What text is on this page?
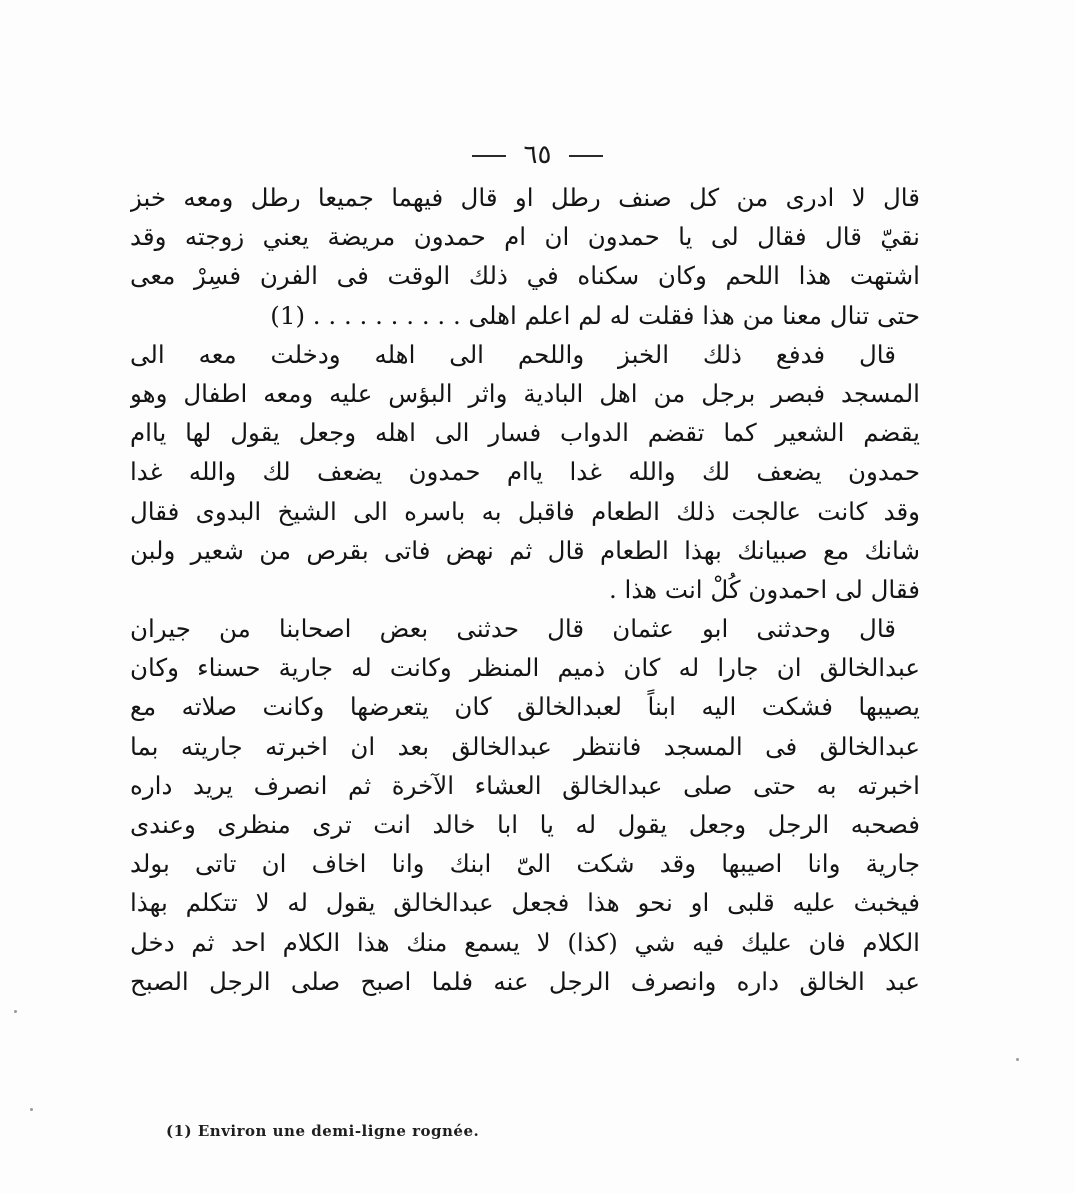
٦٥
قال لا ادرى من كل صنف رطل او قال فيهما جميعا رطل ومعه خبز
نقيّ قال فقال لى يا حمدون ان ام حمدون مريضة يعني زوجته وقد
اشتهت هذا اللحم وكان سكناه في ذلك الوقت فى الفرن فسِرْ معى
حتى تنال معنا من هذا فقلت له لم اعلم اهلى . . . . . . . . . . (1)
قال فدفع ذلك الخبز واللحم الى اهله ودخلت معه الى
المسجد فبصر برجل من اهل البادية واثر البؤس عليه ومعه اطفال وهو
يقضم الشعير كما تقضم الدواب فسار الى اهله وجعل يقول لها ياام
حمدون يضعف لك والله غدا ياام حمدون يضعف لك والله غدا
وقد كانت عالجت ذلك الطعام فاقبل به باسره الى الشيخ البدوى فقال
شانك مع صبيانك بهذا الطعام قال ثم نهض فاتى بقرص من شعير ولبن
فقال لى احمدون كُلْ انت هذا .
قال وحدثنى ابو عثمان قال حدثنى بعض اصحابنا من جيران
عبدالخالق ان جارا له كان ذميم المنظر وكانت له جارية حسناء وكان
يصيبها فشكت اليه ابناً لعبدالخالق كان يتعرضها وكانت صلاته مع
عبدالخالق فى المسجد فانتظر عبدالخالق بعد ان اخبرته جاريته بما
اخبرته به حتى صلى عبدالخالق العشاء الآخرة ثم انصرف يريد داره
فصحبه الرجل وجعل يقول له يا ابا خالد انت ترى منظرى وعندى
جارية وانا اصيبها وقد شكت الىّ ابنك وانا اخاف ان تاتى بولد
فيخبث عليه قلبى او نحو هذا فجعل عبدالخالق يقول له لا تتكلم بهذا
الكلام فان عليك فيه شي (كذا) لا يسمع منك هذا الكلام احد ثم دخل
عبد الخالق داره وانصرف الرجل عنه فلما اصبح صلى الرجل الصبح
(1) Environ une demi-ligne rognée.
